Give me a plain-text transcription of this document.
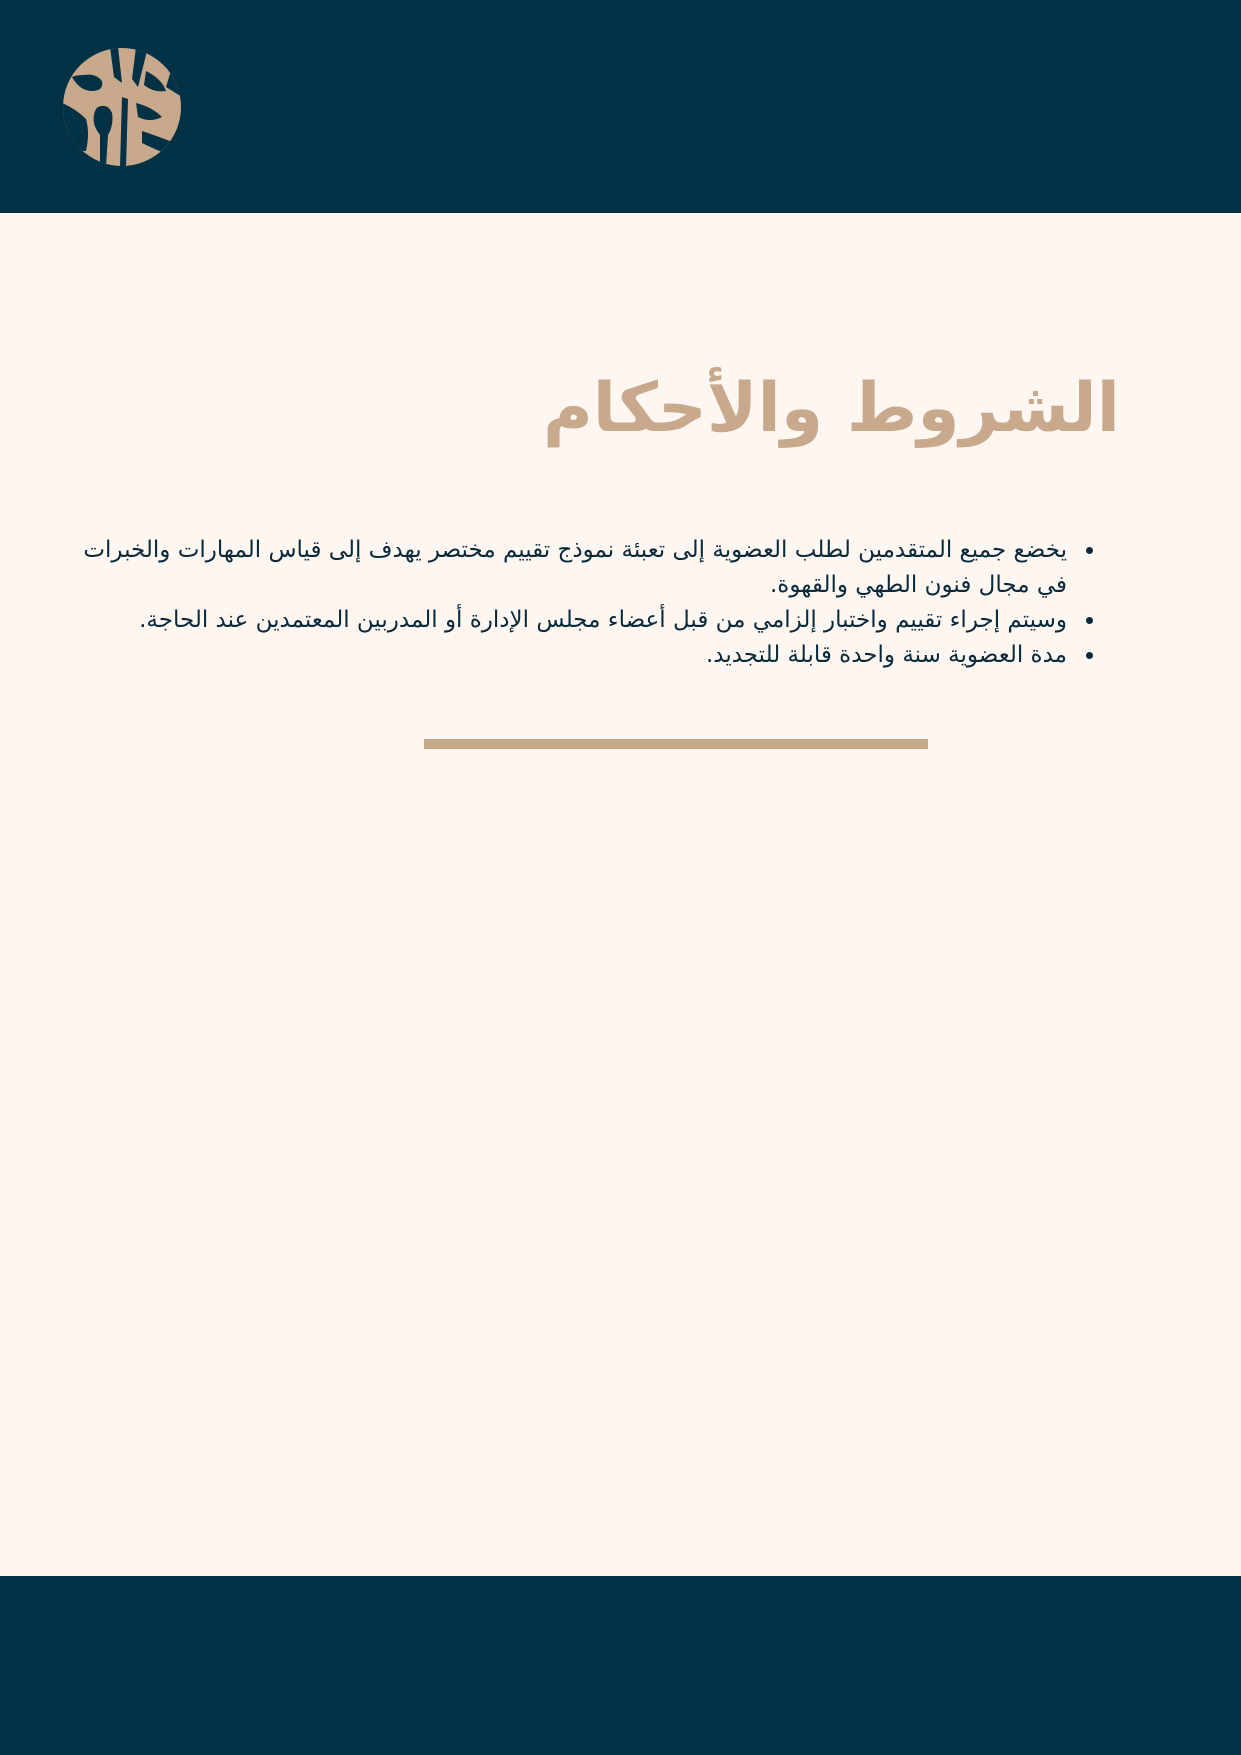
الشروط والأحكام
• يخضع جميع المتقدمين لطلب العضوية إلى تعبئة نموذج تقييم مختصر يهدف إلى قياس المهارات والخبرات في مجال فنون الطهي والقهوة.
• وسيتم إجراء تقييم واختبار إلزامي من قبل أعضاء مجلس الإدارة أو المدربين المعتمدين عند الحاجة.
• مدة العضوية سنة واحدة قابلة للتجديد.
